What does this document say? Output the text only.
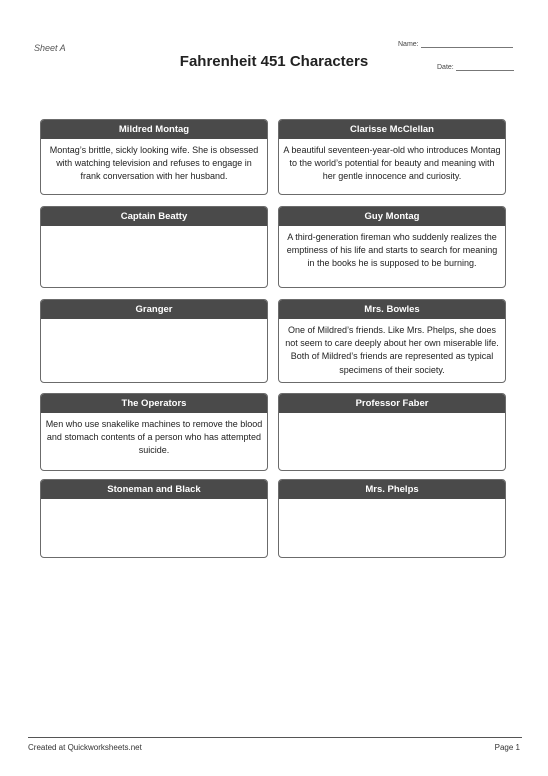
Sheet A
Fahrenheit 451 Characters
Name:
Date:
Mildred Montag
Montag’s brittle, sickly looking wife. She is obsessed with watching television and refuses to engage in frank conversation with her husband.
Clarisse McClellan
A beautiful seventeen-year-old who introduces Montag to the world’s potential for beauty and meaning with her gentle innocence and curiosity.
Captain Beatty	Guy Montag
A third-generation fireman who suddenly realizes the emptiness of his life and starts to search for meaning in the books he is supposed to be burning.
Granger	Mrs. Bowles
One of Mildred’s friends. Like Mrs. Phelps, she does not seem to care deeply about her own miserable life. Both of Mildred’s friends are represented as typical specimens of their society.
The Operators
Men who use snakelike machines to remove the blood and stomach contents of a person who has attempted suicide.
Professor Faber
Stoneman and Black	Mrs. Phelps
Created at Quickworksheets.net	Page 1
